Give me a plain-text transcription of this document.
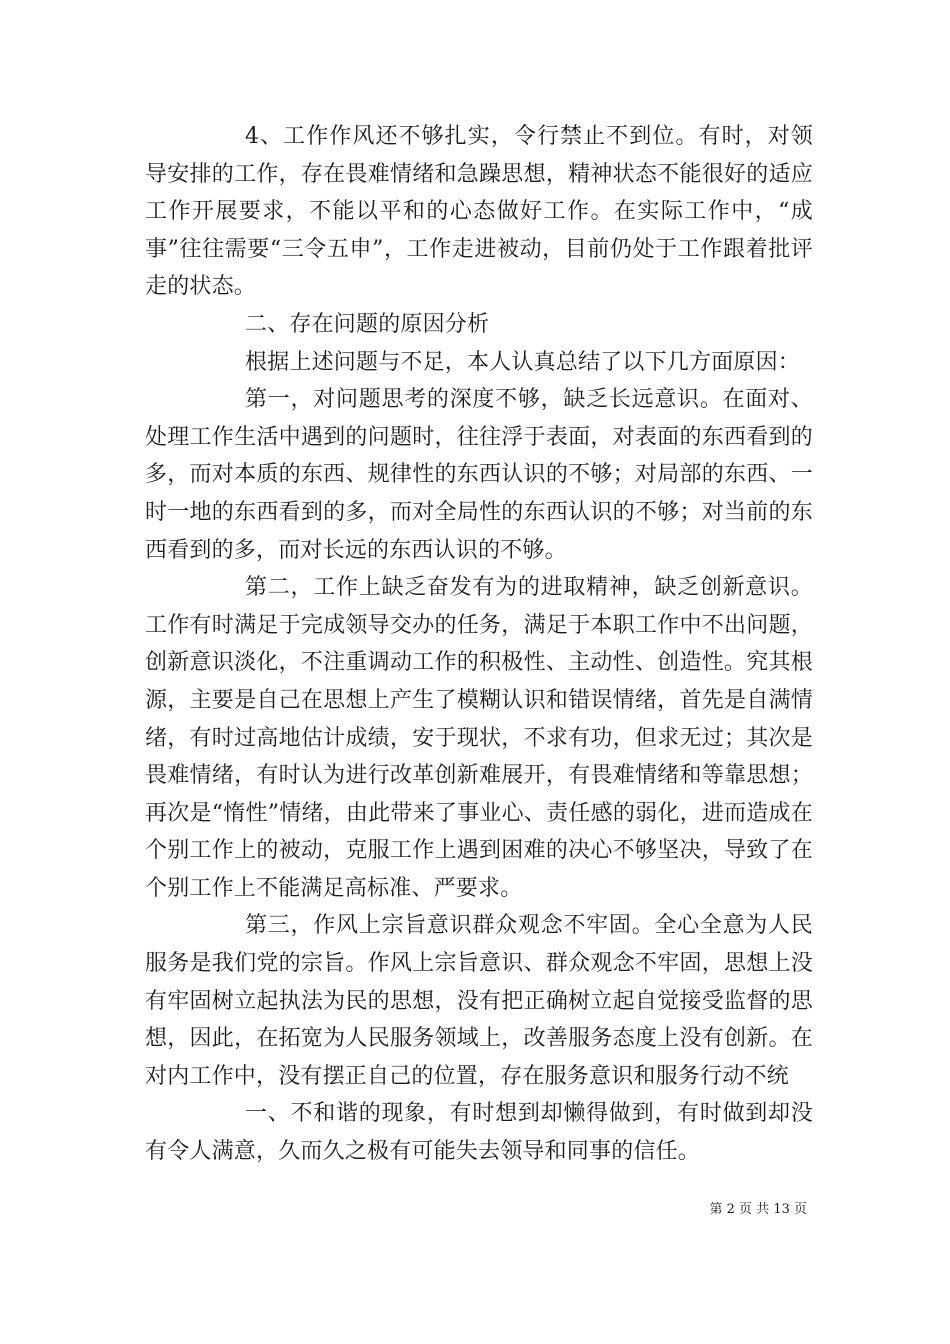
4、工作作风还不够扎实，令行禁止不到位。有时，对领导安排的工作，存在畏难情绪和急躁思想，精神状态不能很好的适应工作开展要求，不能以平和的心态做好工作。在实际工作中，“成事”往往需要“三令五申”，工作走进被动，目前仍处于工作跟着批评走的状态。

二、存在问题的原因分析

根据上述问题与不足，本人认真总结了以下几方面原因：

第一，对问题思考的深度不够，缺乏长远意识。在面对、处理工作生活中遇到的问题时，往往浮于表面，对表面的东西看到的多，而对本质的东西、规律性的东西认识的不够；对局部的东西、一时一地的东西看到的多，而对全局性的东西认识的不够；对当前的东西看到的多，而对长远的东西认识的不够。

第二，工作上缺乏奋发有为的进取精神，缺乏创新意识。工作有时满足于完成领导交办的任务，满足于本职工作中不出问题，创新意识淡化，不注重调动工作的积极性、主动性、创造性。究其根源，主要是自己在思想上产生了模糊认识和错误情绪，首先是自满情绪，有时过高地估计成绩，安于现状，不求有功，但求无过；其次是畏难情绪，有时认为进行改革创新难展开，有畏难情绪和等靠思想；再次是“惰性”情绪，由此带来了事业心、责任感的弱化，进而造成在个别工作上的被动，克服工作上遇到困难的决心不够坚决，导致了在个别工作上不能满足高标准、严要求。

第三，作风上宗旨意识群众观念不牢固。全心全意为人民服务是我们党的宗旨。作风上宗旨意识、群众观念不牢固，思想上没有牢固树立起执法为民的思想，没有把正确树立起自觉接受监督的思想，因此，在拓宽为人民服务领域上，改善服务态度上没有创新。在对内工作中，没有摆正自己的位置，存在服务意识和服务行动不统

一、不和谐的现象，有时想到却懒得做到，有时做到却没有令人满意，久而久之极有可能失去领导和同事的信任。

第 2 页 共 13 页
